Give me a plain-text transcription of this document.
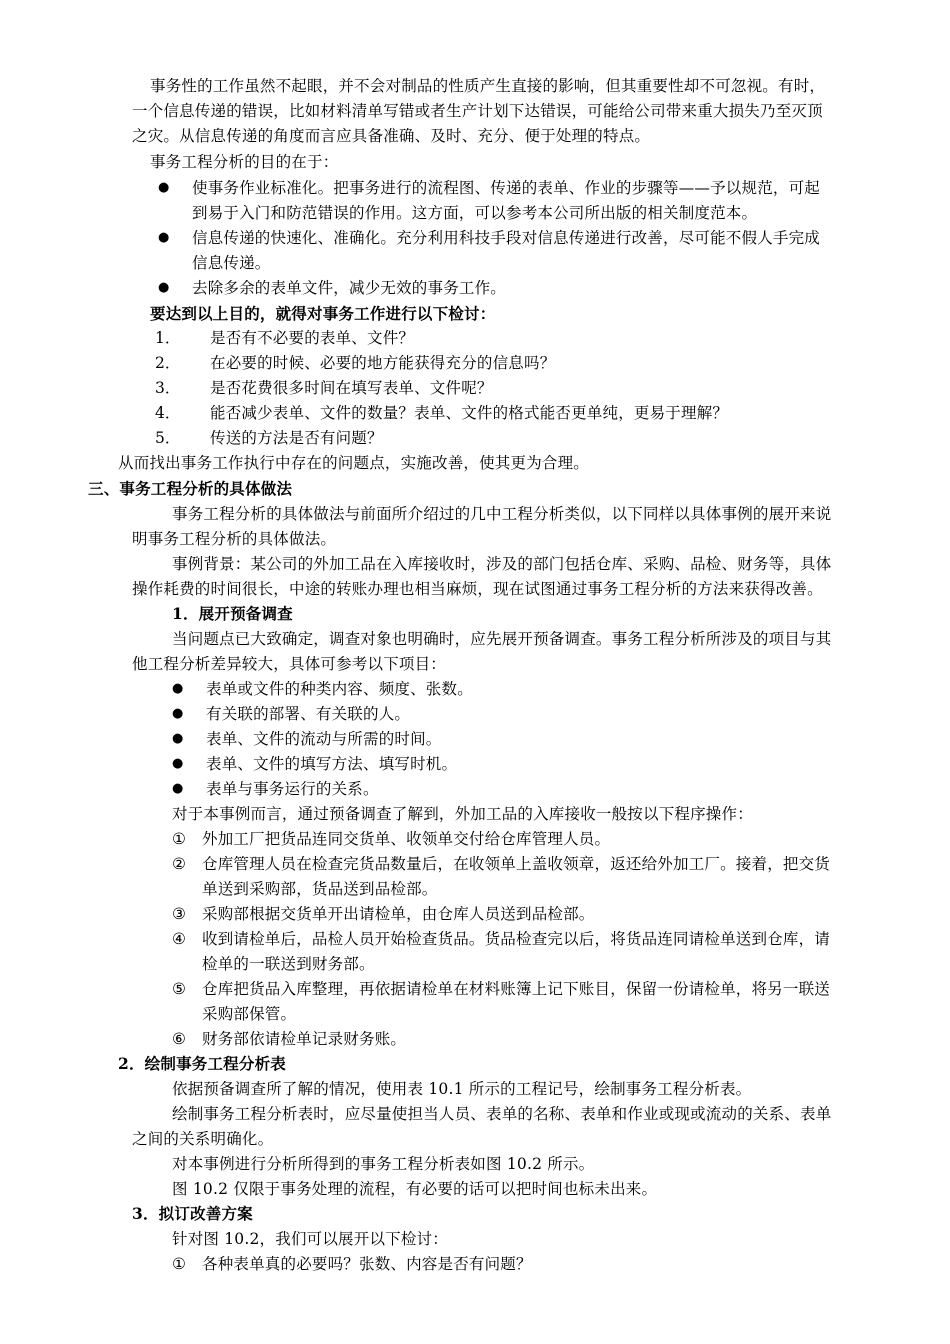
事务性的工作虽然不起眼，并不会对制品的性质产生直接的影响，但其重要性却不可忽视。有时，
一个信息传递的错误，比如材料清单写错或者生产计划下达错误，可能给公司带来重大损失乃至灭顶
之灾。从信息传递的角度而言应具备准确、及时、充分、便于处理的特点。
事务工程分析的目的在于：
● 使事务作业标准化。把事务进行的流程图、传递的表单、作业的步骤等——予以规范，可起
到易于入门和防范错误的作用。这方面，可以参考本公司所出版的相关制度范本。
● 信息传递的快速化、准确化。充分利用科技手段对信息传递进行改善，尽可能不假人手完成
信息传递。
● 去除多余的表单文件，减少无效的事务工作。
要达到以上目的，就得对事务工作进行以下检讨：
1． 是否有不必要的表单、文件？
2． 在必要的时候、必要的地方能获得充分的信息吗？
3． 是否花费很多时间在填写表单、文件呢？
4． 能否减少表单、文件的数量？表单、文件的格式能否更单纯，更易于理解？
5． 传送的方法是否有问题？
从而找出事务工作执行中存在的问题点，实施改善，使其更为合理。
三、事务工程分析的具体做法
事务工程分析的具体做法与前面所介绍过的几中工程分析类似，以下同样以具体事例的展开来说
明事务工程分析的具体做法。
事例背景：某公司的外加工品在入库接收时，涉及的部门包括仓库、采购、品检、财务等，具体
操作耗费的时间很长，中途的转账办理也相当麻烦，现在试图通过事务工程分析的方法来获得改善。
1．展开预备调查
当问题点已大致确定，调查对象也明确时，应先展开预备调查。事务工程分析所涉及的项目与其
他工程分析差异较大，具体可参考以下项目：
● 表单或文件的种类内容、频度、张数。
● 有关联的部署、有关联的人。
● 表单、文件的流动与所需的时间。
● 表单、文件的填写方法、填写时机。
● 表单与事务运行的关系。
对于本事例而言，通过预备调查了解到，外加工品的入库接收一般按以下程序操作：
① 外加工厂把货品连同交货单、收领单交付给仓库管理人员。
② 仓库管理人员在检查完货品数量后，在收领单上盖收领章，返还给外加工厂。接着，把交货
单送到采购部，货品送到品检部。
③ 采购部根据交货单开出请检单，由仓库人员送到品检部。
④ 收到请检单后，品检人员开始检查货品。货品检查完以后，将货品连同请检单送到仓库，请
检单的一联送到财务部。
⑤ 仓库把货品入库整理，再依据请检单在材料账簿上记下账目，保留一份请检单，将另一联送
采购部保管。
⑥ 财务部依请检单记录财务账。
2．绘制事务工程分析表
依据预备调查所了解的情况，使用表 10.1 所示的工程记号，绘制事务工程分析表。
绘制事务工程分析表时，应尽量使担当人员、表单的名称、表单和作业或现或流动的关系、表单
之间的关系明确化。
对本事例进行分析所得到的事务工程分析表如图 10.2 所示。
图 10.2 仅限于事务处理的流程，有必要的话可以把时间也标未出来。
3．拟订改善方案
针对图 10.2，我们可以展开以下检讨：
① 各种表单真的必要吗？张数、内容是否有问题？
